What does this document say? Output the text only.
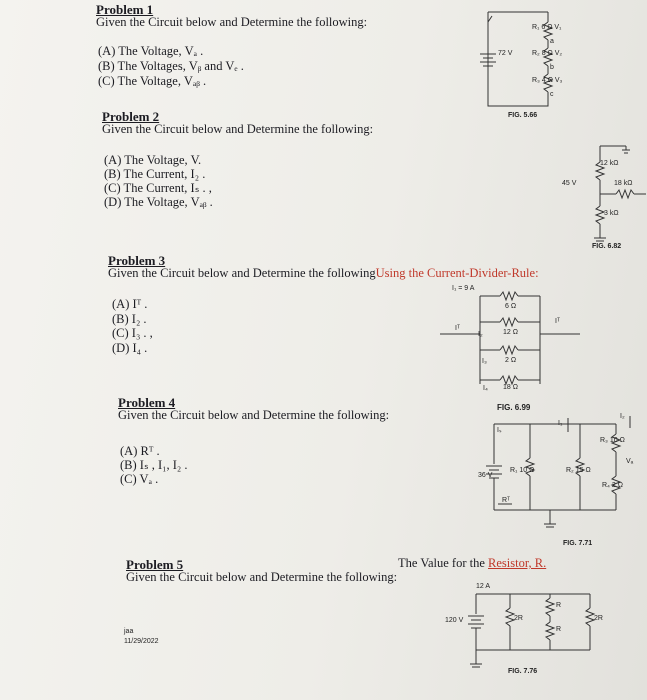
Problem 1
Given the Circuit below and Determine the following:
(A) The Voltage, Vₐ .
(B) The Voltages, Vᵦ and Vₑ .
(C) The Voltage, Vₐᵦ .
72 V
R₁ 6 Ω V₁
R₂ 8 Ω V₂
R₃ 4 Ω V₃
a
b
c
FIG. 5.66
Problem 2
Given the Circuit below and Determine the following:
(A) The Voltage, V.
(B) The Current, I₂ .
(C) The Current, Iₛ . ,
(D) The Voltage, Vₐᵦ .
45 V
12 kΩ
18 kΩ
3 kΩ
FIG. 6.82
Problem 3
Given the Circuit below and Determine the followingUsing the Current-Divider-Rule:
(A) Iᵀ .
(B) I₂ .
(C) I₃ . ,
(D) I₄ .
I₁ = 9 A
6 Ω
12 Ω
2 Ω
18 Ω
Iᵀ
I₂
I₃
I₄
Iᵀ
FIG. 6.99
Problem 4
Given the Circuit below and Determine the following:
(A) Rᵀ .
(B) Iₛ , I₁, I₂ .
(C) Vₐ .	36 V
Rᵀ
R₁ 10 Ω	R₂ 15 Ω
R₃ 10 Ω
R₄ 2 Ω
Iₛ
I₁
I₂
Vₐ
FIG. 7.71
Problem 5
Given the Circuit below and Determine the following:
The Value for the Resistor, R.
120 V
12 A
2R
R
R
2R
FIG. 7.76
jaa
11/29/2022
